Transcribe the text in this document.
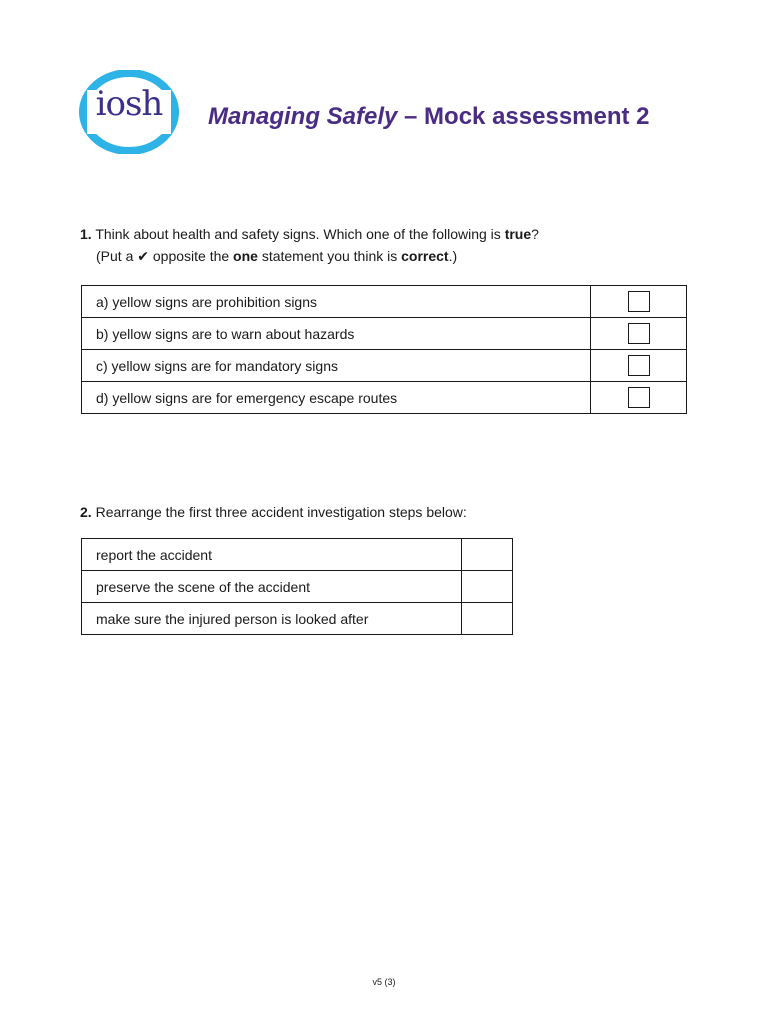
iosh	Managing Safely – Mock assessment 2
1. Think about health and safety signs. Which one of the following is true?
(Put a ✔ opposite the one statement you think is correct.)
a) yellow signs are prohibition signs	
b) yellow signs are to warn about hazards	
c) yellow signs are for mandatory signs	
d) yellow signs are for emergency escape routes	
2. Rearrange the first three accident investigation steps below:
report the accident	
preserve the scene of the accident	
make sure the injured person is looked after	
v5 (3)
